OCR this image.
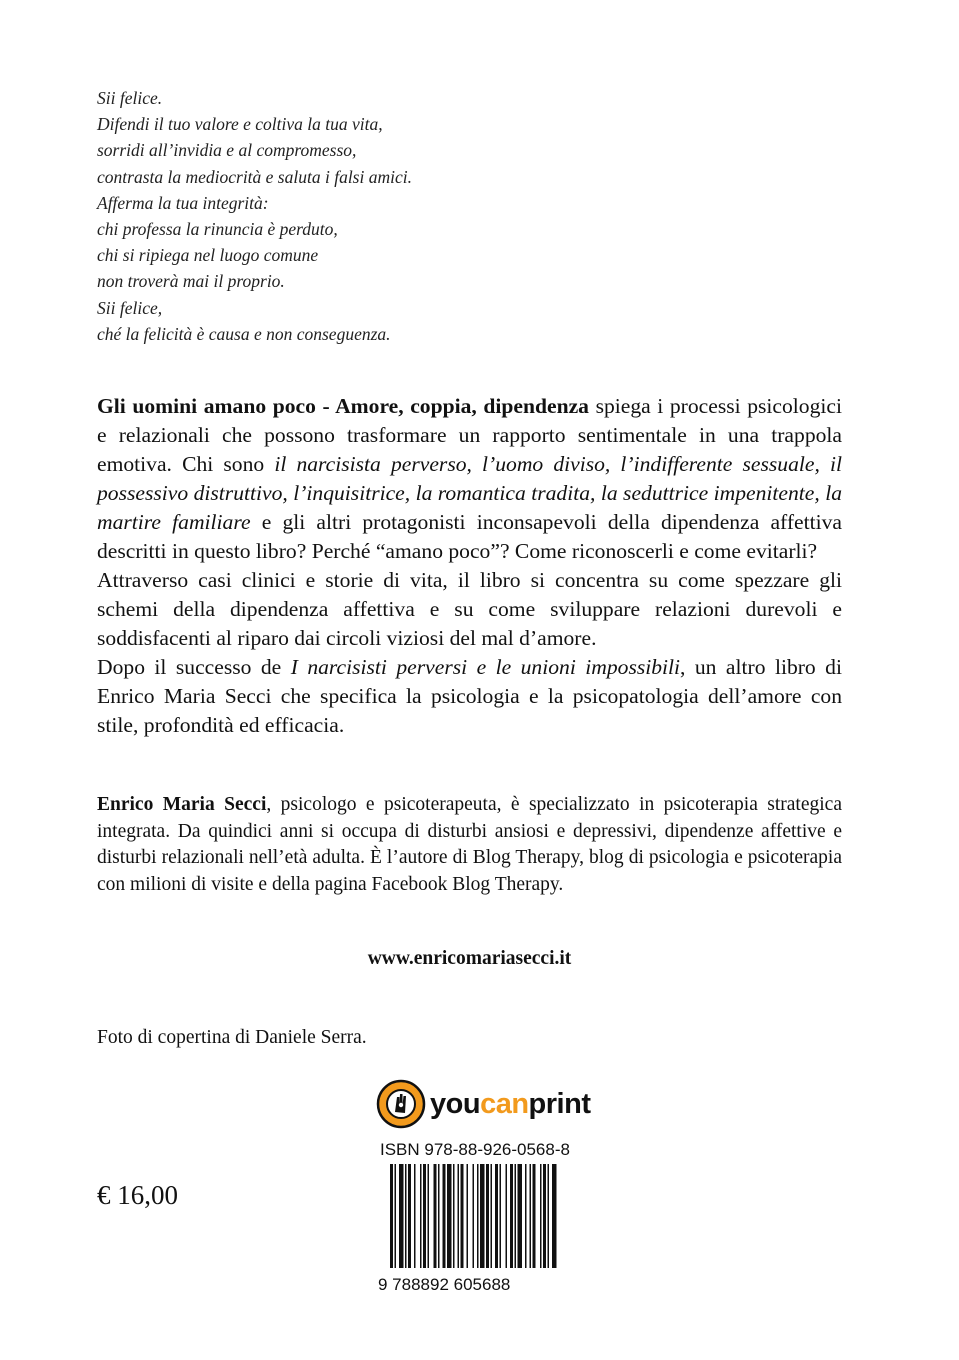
Sii felice.
Difendi il tuo valore e coltiva la tua vita,
sorridi all’invidia e al compromesso,
contrasta la mediocrità e saluta i falsi amici.
Afferma la tua integrità:
chi professa la rinuncia è perduto,
chi si ripiega nel luogo comune
non troverà mai il proprio.
Sii felice,
ché la felicità è causa e non conseguenza.

Gli uomini amano poco - Amore, coppia, dipendenza spiega i processi psicologici e relazionali che possono trasformare un rapporto sentimentale in una trappola emotiva. Chi sono il narcisista perverso, l’uomo diviso, l’indifferente sessuale, il possessivo distruttivo, l’inquisitrice, la romantica tradita, la seduttrice impenitente, la martire familiare e gli altri protagonisti inconsapevoli della dipendenza affettiva descritti in questo libro? Perché “amano poco”? Come riconoscerli e come evitarli?

Attraverso casi clinici e storie di vita, il libro si concentra su come spezzare gli schemi della dipendenza affettiva e su come sviluppare relazioni durevoli e soddisfacenti al riparo dai circoli viziosi del mal d’amore.

Dopo il successo de I narcisisti perversi e le unioni impossibili, un altro libro di Enrico Maria Secci che specifica la psicologia e la psicopatologia dell’amore con stile, profondità ed efficacia.

Enrico Maria Secci, psicologo e psicoterapeuta, è specializzato in psicoterapia strategica integrata. Da quindici anni si occupa di disturbi ansiosi e depressivi, dipendenze affettive e disturbi relazionali nell’età adulta. È l’autore di Blog Therapy, blog di psicologia e psicoterapia con milioni di visite e della pagina Facebook Blog Therapy.

www.enricomariasecci.it
Foto di copertina di Daniele Serra.
youcanprint
ISBN 978-88-926-0568-8
9 788892 605688
€ 16,00
